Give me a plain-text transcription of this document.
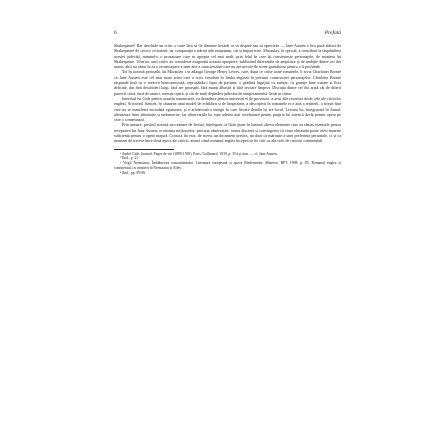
6	Prefată

Shakespeare! Rar deschide un critic o carte fără să fie dinainte hotărât ce să dispare sau să aprecieze — Jane Austen a fost pusă alături de Shakespeare de criticii victorieni, iar comparația a stârnit atât entuziasm, cât și împotrivire. Macaulay, în special, a contribuit la răspândirea acestei judecăți, numind-o o prozatoare care se apropie cel mai mult, prin felul în care își construiește personajele, de maniera lui Shakespeare. Ulterior, unii critici au considerat exagerată această apropiere, subliniind diferențele de amploare și de ambiție dintre cei doi autori, alții au văzut în ea o recunoaștere a unei arte a caracterizării care nu are nevoie de scene grandioase pentru a fi profundă.

Tot în această perioadă, lui Macaulay i se adaugă George Henry Lewes, care, după ce citise toate romanele, îi scria Charlottei Brontë că Jane Austen este cel mai mare artist care a scris vreodată în limba engleză în privința construcției personajelor. Charlotte Brontë răspunde însă cu o rezervă binecunoscută, reproșându-i lipsa de pasiune, o grădină îngrijită cu atenție, cu granițe bine trasate și flori delicate, dar fără deschideri largi, fără aer proaspăt, fără munți albaștri și fără izvoare limpezi. Discuția dintre cei doi arată cât de diferit putea fi citită, încă de atunci, aceeași operă, și cât de mult depindea judecata de temperamentul fiecărui cititor.

Interesul lui Gide pentru această romancieră, cu deosebire pentru universul ei de provincie, a avut alte resorturi decât cele ale criticilor englezi. Scriitorul francez, în căutarea unui model de echilibru și de limpezime, a descoperit în romanele ei o artă a reținerii, o ironie fină care nu se manifestă niciodată zgomotos, și o arhitectură a intrigii în care fiecare detaliu își are locul. Lectura lui, înregistrată în Jurnal, alternează între admirație și nedumerire, iar observațiile lui sunt adesea mai revelatoare pentru propria lui estetică decât pentru opera pe care o comentează.

Prin urmare, privind această succesiune de lecturi, înțelegem că Gide pune în lumină câteva elemente care au rămas esențiale pentru receptarea lui Jane Austen: economia mijloacelor, precizia observației, ironia discretă și convingerea că viața obișnuită poate oferi materie suficientă pentru o operă majoră. Cronica lui este, de aceea, un document prețios, nu doar ca mărturie a unei preferințe personale, ci și ca moment de trecere între două epoci ale criticii, atunci când romanul englez începea să fie citit cu alți ochi de cititorii continentali.

¹ André Gide, Journal. Pages de vie (1889-1939), Paris, Gallimard, 1939, p. 354 și urm. — cf. Jane Austen.

² Ibid., p. 11.

³ Virgil Nemoianu, Îmblânzirea romantismului. Literatura europeană și epoca Biedermeier, Minerva, BPT, 1998, p. 85. Romanul englez și continentul, cu trimiteri la Nemoianu și Alley.

⁴ Ibid., pp. 85-86.
